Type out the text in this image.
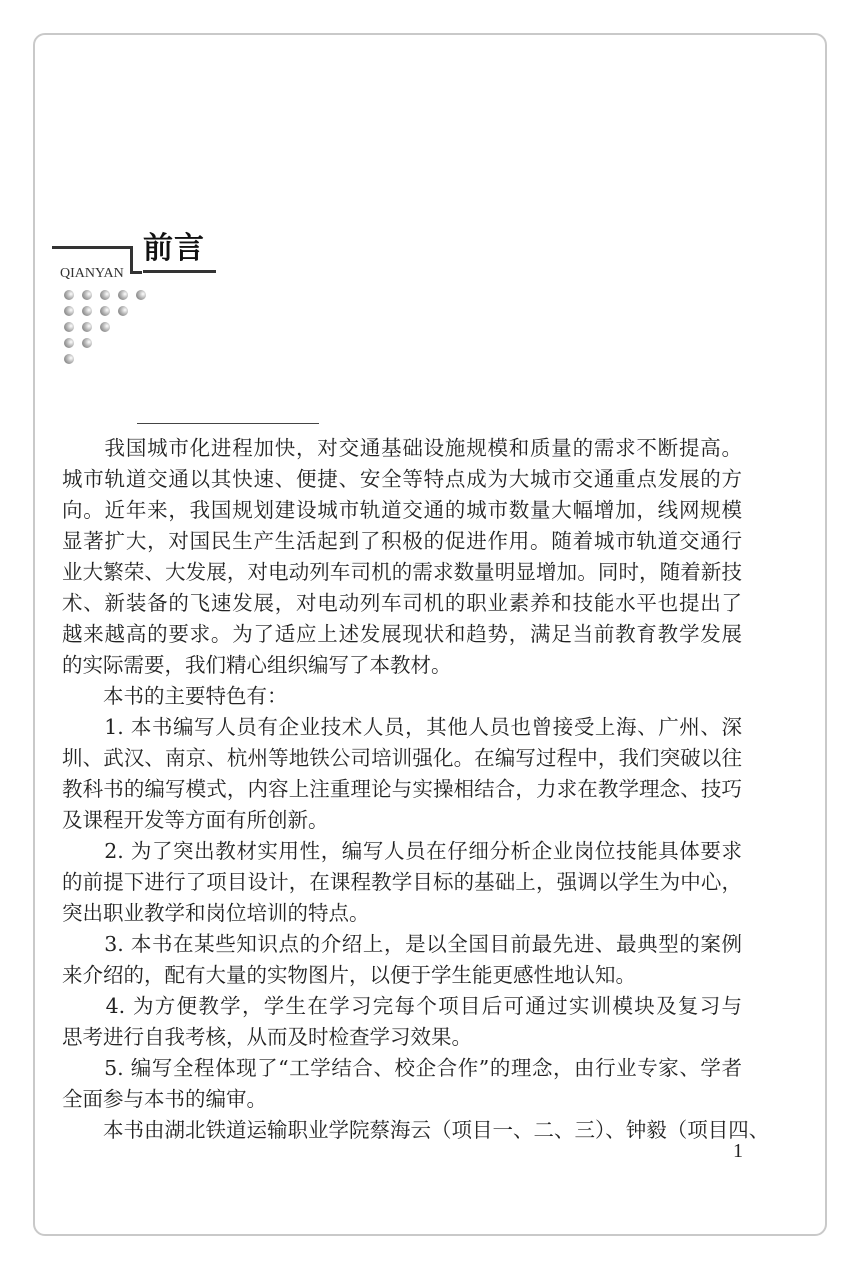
前言
QIANYAN
　　我国城市化进程加快，对交通基础设施规模和质量的需求不断提高。
城市轨道交通以其快速、便捷、安全等特点成为大城市交通重点发展的方
向。近年来，我国规划建设城市轨道交通的城市数量大幅增加，线网规模
显著扩大，对国民生产生活起到了积极的促进作用。随着城市轨道交通行
业大繁荣、大发展，对电动列车司机的需求数量明显增加。同时，随着新技
术、新装备的飞速发展，对电动列车司机的职业素养和技能水平也提出了
越来越高的要求。为了适应上述发展现状和趋势，满足当前教育教学发展
的实际需要，我们精心组织编写了本教材。
　　本书的主要特色有：
　　1. 本书编写人员有企业技术人员，其他人员也曾接受上海、广州、深
圳、武汉、南京、杭州等地铁公司培训强化。在编写过程中，我们突破以往
教科书的编写模式，内容上注重理论与实操相结合，力求在教学理念、技巧
及课程开发等方面有所创新。
　　2. 为了突出教材实用性，编写人员在仔细分析企业岗位技能具体要求
的前提下进行了项目设计，在课程教学目标的基础上，强调以学生为中心，
突出职业教学和岗位培训的特点。
　　3. 本书在某些知识点的介绍上，是以全国目前最先进、最典型的案例
来介绍的，配有大量的实物图片，以便于学生能更感性地认知。
　　4. 为方便教学，学生在学习完每个项目后可通过实训模块及复习与
思考进行自我考核，从而及时检查学习效果。
　　5. 编写全程体现了“工学结合、校企合作”的理念，由行业专家、学者
全面参与本书的编审。
　　本书由湖北铁道运输职业学院蔡海云（项目一、二、三）、钟毅（项目四、
1
